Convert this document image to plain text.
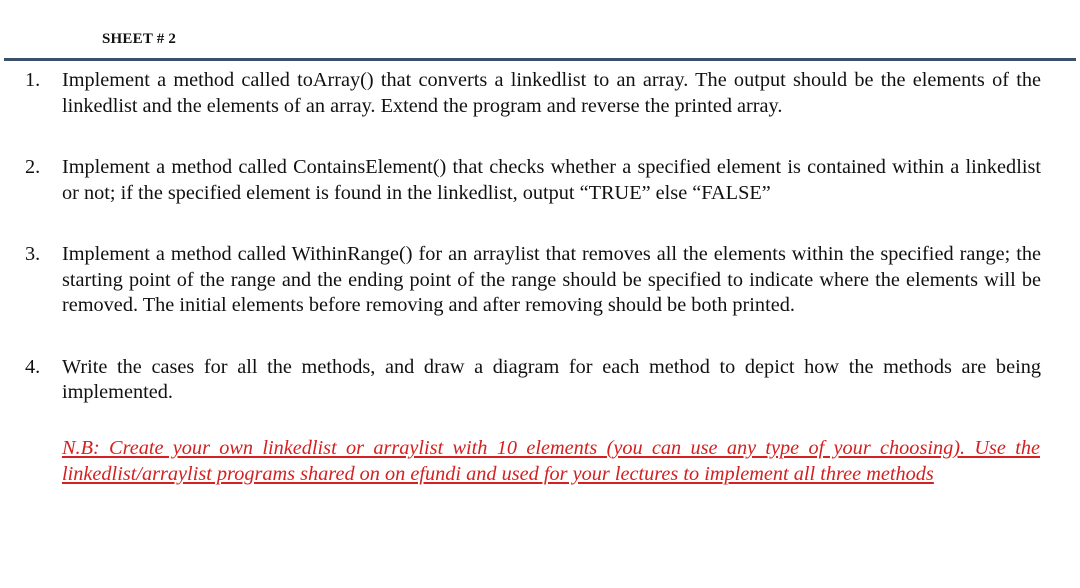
SHEET # 2
1.	Implement a method called toArray() that converts a linkedlist to an array. The output should be the elements of the linkedlist and the elements of an array. Extend the program and reverse the printed array.
2.	Implement a method called ContainsElement() that checks whether a specified element is contained within a linkedlist or not; if the specified element is found in the linkedlist, output “TRUE” else “FALSE”
3.	Implement a method called WithinRange() for an arraylist that removes all the elements within the specified range; the starting point of the range and the ending point of the range should be specified to indicate where the elements will be removed. The initial elements before removing and after removing should be both printed.
4.	Write the cases for all the methods, and draw a diagram for each method to depict how the methods are being implemented.
N.B: Create your own linkedlist or arraylist with 10 elements (you can use any type of your choosing). Use the linkedlist/arraylist programs shared on on efundi and used for your lectures to implement all three methods
